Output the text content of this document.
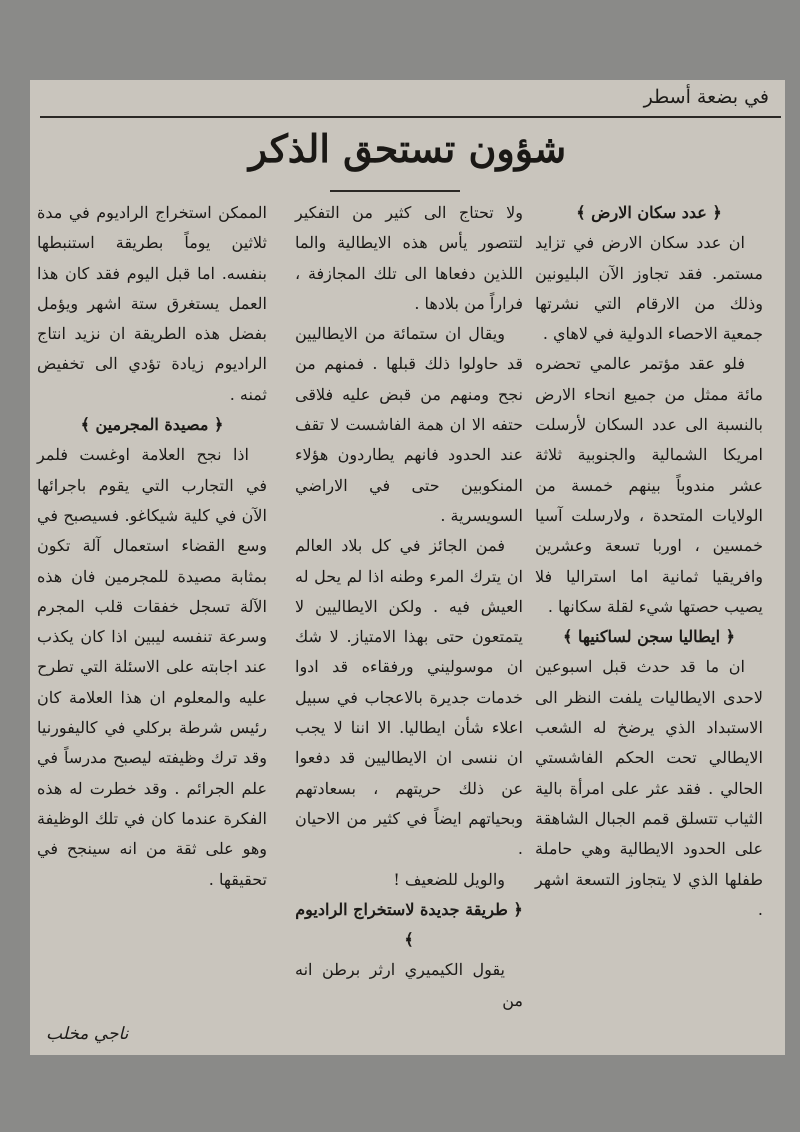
في بضعة أسطر
شؤون تستحق الذكر

﴿ عدد سكان الارض ﴾

ان عدد سكان الارض في تزايد مستمر. فقد تجاوز الآن البليونين وذلك من الارقام التي نشرتها جمعية الاحصاء الدولية في لاهاي .

فلو عقد مؤتمر عالمي تحضره مائة ممثل من جميع انحاء الارض بالنسبة الى عدد السكان لأرسلت امريكا الشمالية والجنوبية ثلاثة عشر مندوباً بينهم خمسة من الولايات المتحدة ، ولارسلت آسيا خمسين ، اوربا تسعة وعشرين وافريقيا ثمانية اما استراليا فلا يصيب حصتها شيء لقلة سكانها .

﴿ ايطاليا سجن لساكنيها ﴾

ان ما قد حدث قبل اسبوعين لاحدى الايطاليات يلفت النظر الى الاستبداد الذي يرضخ له الشعب الايطالي تحت الحكم الفاشستي الحالي . فقد عثر على امرأة بالية الثياب تتسلق قمم الجبال الشاهقة على الحدود الايطالية وهي حاملة طفلها الذي لا يتجاوز التسعة اشهر .

ولا تحتاج الى كثير من التفكير لتتصور يأس هذه الايطالية والما اللذين دفعاها الى تلك المجازفة ، فراراً من بلادها .

ويقال ان ستمائة من الايطاليين قد حاولوا ذلك قبلها . فمنهم من نجح ومنهم من قبض عليه فلاقى حتفه الا ان همة الفاشست لا تقف عند الحدود فانهم يطاردون هؤلاء المنكوبين حتى في الاراضي السويسرية .

فمن الجائز في كل بلاد العالم ان يترك المرء وطنه اذا لم يحل له العيش فيه . ولكن الايطاليين لا يتمتعون حتى بهذا الامتياز. لا شك ان موسوليني ورفقاءه قد ادوا خدمات جديرة بالاعجاب في سبيل اعلاء شأن ايطاليا. الا اننا لا يجب ان ننسى ان الايطاليين قد دفعوا عن ذلك حريتهم ، بسعادتهم وبحياتهم ايضاً في كثير من الاحيان .

والويل للضعيف !

﴿ طريقة جديدة لاستخراج الراديوم ﴾

يقول الكيميري ارثر برطن انه من

الممكن استخراج الراديوم في مدة ثلاثين يوماً بطريقة استنبطها بنفسه. اما قبل اليوم فقد كان هذا العمل يستغرق ستة اشهر ويؤمل بفضل هذه الطريقة ان نزيد انتاج الراديوم زيادة تؤدي الى تخفيض ثمنه .

﴿ مصيدة المجرمين ﴾

اذا نجح العلامة اوغست فلمر في التجارب التي يقوم باجرائها الآن في كلية شيكاغو. فسيصبح في وسع القضاء استعمال آلة تكون بمثابة مصيدة للمجرمين فان هذه الآلة تسجل خفقات قلب المجرم وسرعة تنفسه ليبين اذا كان يكذب عند اجابته على الاسئلة التي تطرح عليه والمعلوم ان هذا العلامة كان رئيس شرطة بركلي في كاليفورنيا وقد ترك وظيفته ليصبح مدرساً في علم الجرائم . وقد خطرت له هذه الفكرة عندما كان في تلك الوظيفة وهو على ثقة من انه سينجح في تحقيقها .

ناجي مخلب
